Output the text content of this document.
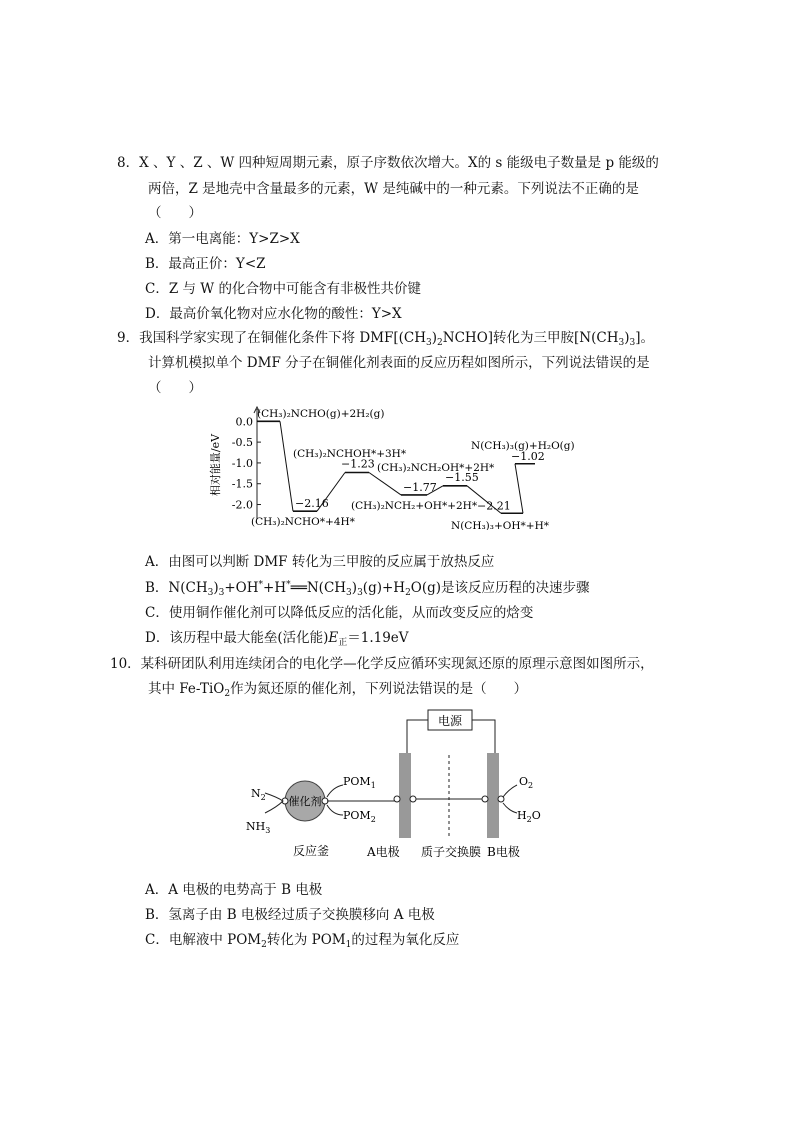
8．X 、Y 、Z 、W 四种短周期元素，原子序数依次增大。X的 s 能级电子数量是 p 能级的
两倍，Z 是地壳中含量最多的元素，W 是纯碱中的一种元素。下列说法不正确的是
（　　）
A．第一电离能：Y>Z>X
B．最高正价：Y<Z
C．Z 与 W 的化合物中可能含有非极性共价键
D．最高价氧化物对应水化物的酸性：Y>X
9．我国科学家实现了在铜催化条件下将 $DMF[(CH_3)_2NCHO]$转化为三甲胺$[N(CH_3)_3]$。
计算机模拟单个 DMF 分子在铜催化剂表面的反应历程如图所示，下列说法错误的是
（　　）
相对能量/eV
0.0
-0.5
-1.0
-1.5
-2.0	−2.16
−1.23
−1.77
−1.55
−2.21
−1.02
(CH₃)₂NCHO(g)+2H₂(g)
(CH₃)₂NCHO*+4H*
(CH₃)₂NCHOH*+3H*
(CH₃)₂NCH₂OH*+2H*
(CH₃)₂NCH₂+OH*+2H*
N(CH₃)₃+OH*+H*
N(CH₃)₃(g)+H₂O(g)
A．由图可以判断 DMF 转化为三甲胺的反应属于放热反应
B．$N(CH_3)_3+OH^*+H^*══N(CH_3)_3(g)+H_2O(g)$是该反应历程的决速步骤
C．使用铜作催化剂可以降低反应的活化能，从而改变反应的焓变
D．该历程中最大能垒(活化能)$E_正=1.19eV$
10．某科研团队利用连续闭合的电化学—化学反应循环实现氮还原的原理示意图如图所示，
其中 Fe-TiO$_2$作为氮还原的催化剂，下列说法错误的是（　　）
电源
催化剂
$N_2$
$NH_3$
$POM_1$
$POM_2$
$O_2$
$H_2O$
反应釜	A电极 质子交换膜 B电极
A．A 电极的电势高于 B 电极
B．氢离子由 B 电极经过质子交换膜移向 A 电极
C．电解液中 $POM_2$转化为 $POM_1$的过程为氧化反应
